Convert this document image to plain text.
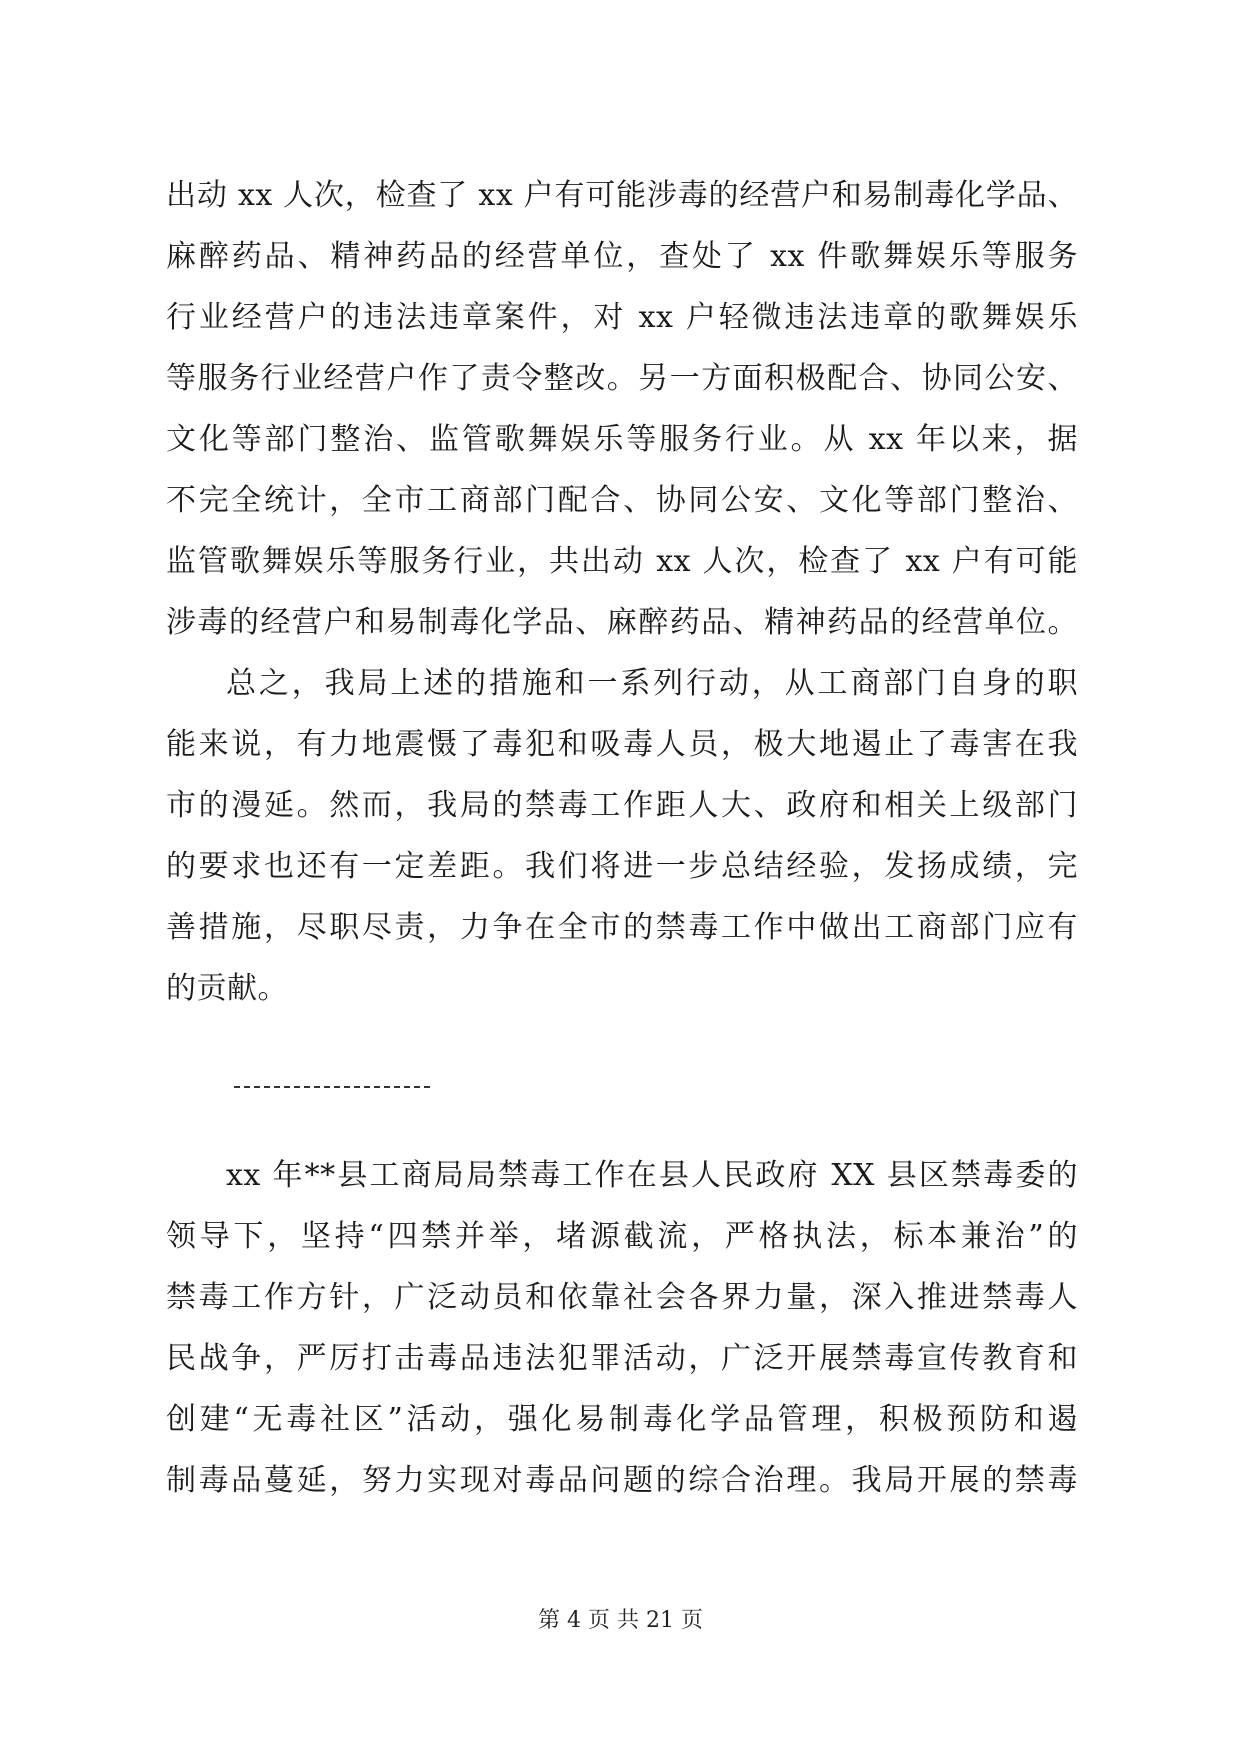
出动 xx 人次，检查了 xx 户有可能涉毒的经营户和易制毒化学品、
麻醉药品、精神药品的经营单位，查处了 xx 件歌舞娱乐等服务
行业经营户的违法违章案件，对 xx 户轻微违法违章的歌舞娱乐
等服务行业经营户作了责令整改。另一方面积极配合、协同公安、
文化等部门整治、监管歌舞娱乐等服务行业。从 xx 年以来，据
不完全统计，全市工商部门配合、协同公安、文化等部门整治、
监管歌舞娱乐等服务行业，共出动 xx 人次，检查了 xx 户有可能
涉毒的经营户和易制毒化学品、麻醉药品、精神药品的经营单位。
总之，我局上述的措施和一系列行动，从工商部门自身的职
能来说，有力地震慑了毒犯和吸毒人员，极大地遏止了毒害在我
市的漫延。然而，我局的禁毒工作距人大、政府和相关上级部门
的要求也还有一定差距。我们将进一步总结经验，发扬成绩，完
善措施，尽职尽责，力争在全市的禁毒工作中做出工商部门应有
的贡献。
xx 年**县工商局局禁毒工作在县人民政府 XX 县区禁毒委的
领导下，坚持“四禁并举，堵源截流，严格执法，标本兼治”的
禁毒工作方针，广泛动员和依靠社会各界力量，深入推进禁毒人
民战争，严厉打击毒品违法犯罪活动，广泛开展禁毒宣传教育和
创建“无毒社区”活动，强化易制毒化学品管理，积极预防和遏
制毒品蔓延，努力实现对毒品问题的综合治理。我局开展的禁毒
第 4 页 共 21 页
